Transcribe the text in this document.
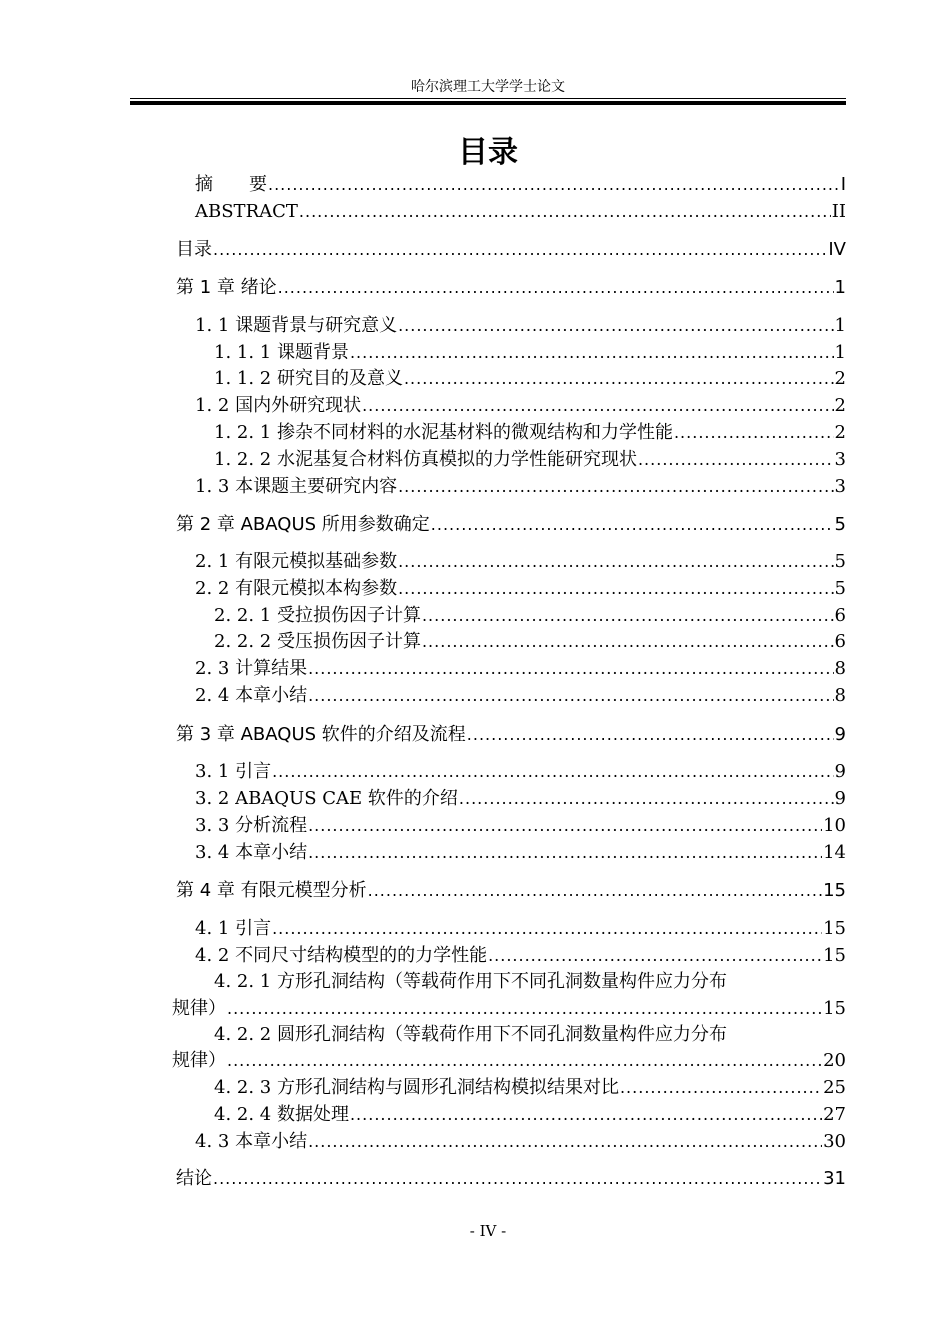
哈尔滨理工大学学士论文
目录
摘　　要 .....	I
ABSTRACT .....	II
目录 .....	IV
第 1 章 绪论 .....	1
1. 1 课题背景与研究意义 .....	1
1. 1. 1 课题背景 .....	1
1. 1. 2 研究目的及意义 .....	2
1. 2 国内外研究现状 .....	2
1. 2. 1 掺杂不同材料的水泥基材料的微观结构和力学性能 .....	2
1. 2. 2 水泥基复合材料仿真模拟的力学性能研究现状 .....	3
1. 3 本课题主要研究内容 .....	3
第 2 章 ABAQUS 所用参数确定 .....	5
2. 1 有限元模拟基础参数 .....	5
2. 2 有限元模拟本构参数 .....	5
2. 2. 1 受拉损伤因子计算 .....	6
2. 2. 2 受压损伤因子计算 .....	6
2. 3 计算结果 .....	8
2. 4 本章小结 .....	8
第 3 章 ABAQUS 软件的介绍及流程 .....	9
3. 1 引言 .....	9
3. 2 ABAQUS CAE 软件的介绍 .....	9
3. 3 分析流程 .....	10
3. 4 本章小结 .....	14
第 4 章 有限元模型分析 .....	15
4. 1 引言 .....	15
4. 2 不同尺寸结构模型的的力学性能 .....	15
4. 2. 1 方形孔洞结构（等载荷作用下不同孔洞数量构件应力分布
规律） .....	15
4. 2. 2 圆形孔洞结构（等载荷作用下不同孔洞数量构件应力分布
规律） .....	20
4. 2. 3 方形孔洞结构与圆形孔洞结构模拟结果对比 .....	25
4. 2. 4 数据处理 .....	27
4. 3 本章小结 .....	30
结论 .....	31
- IV -
